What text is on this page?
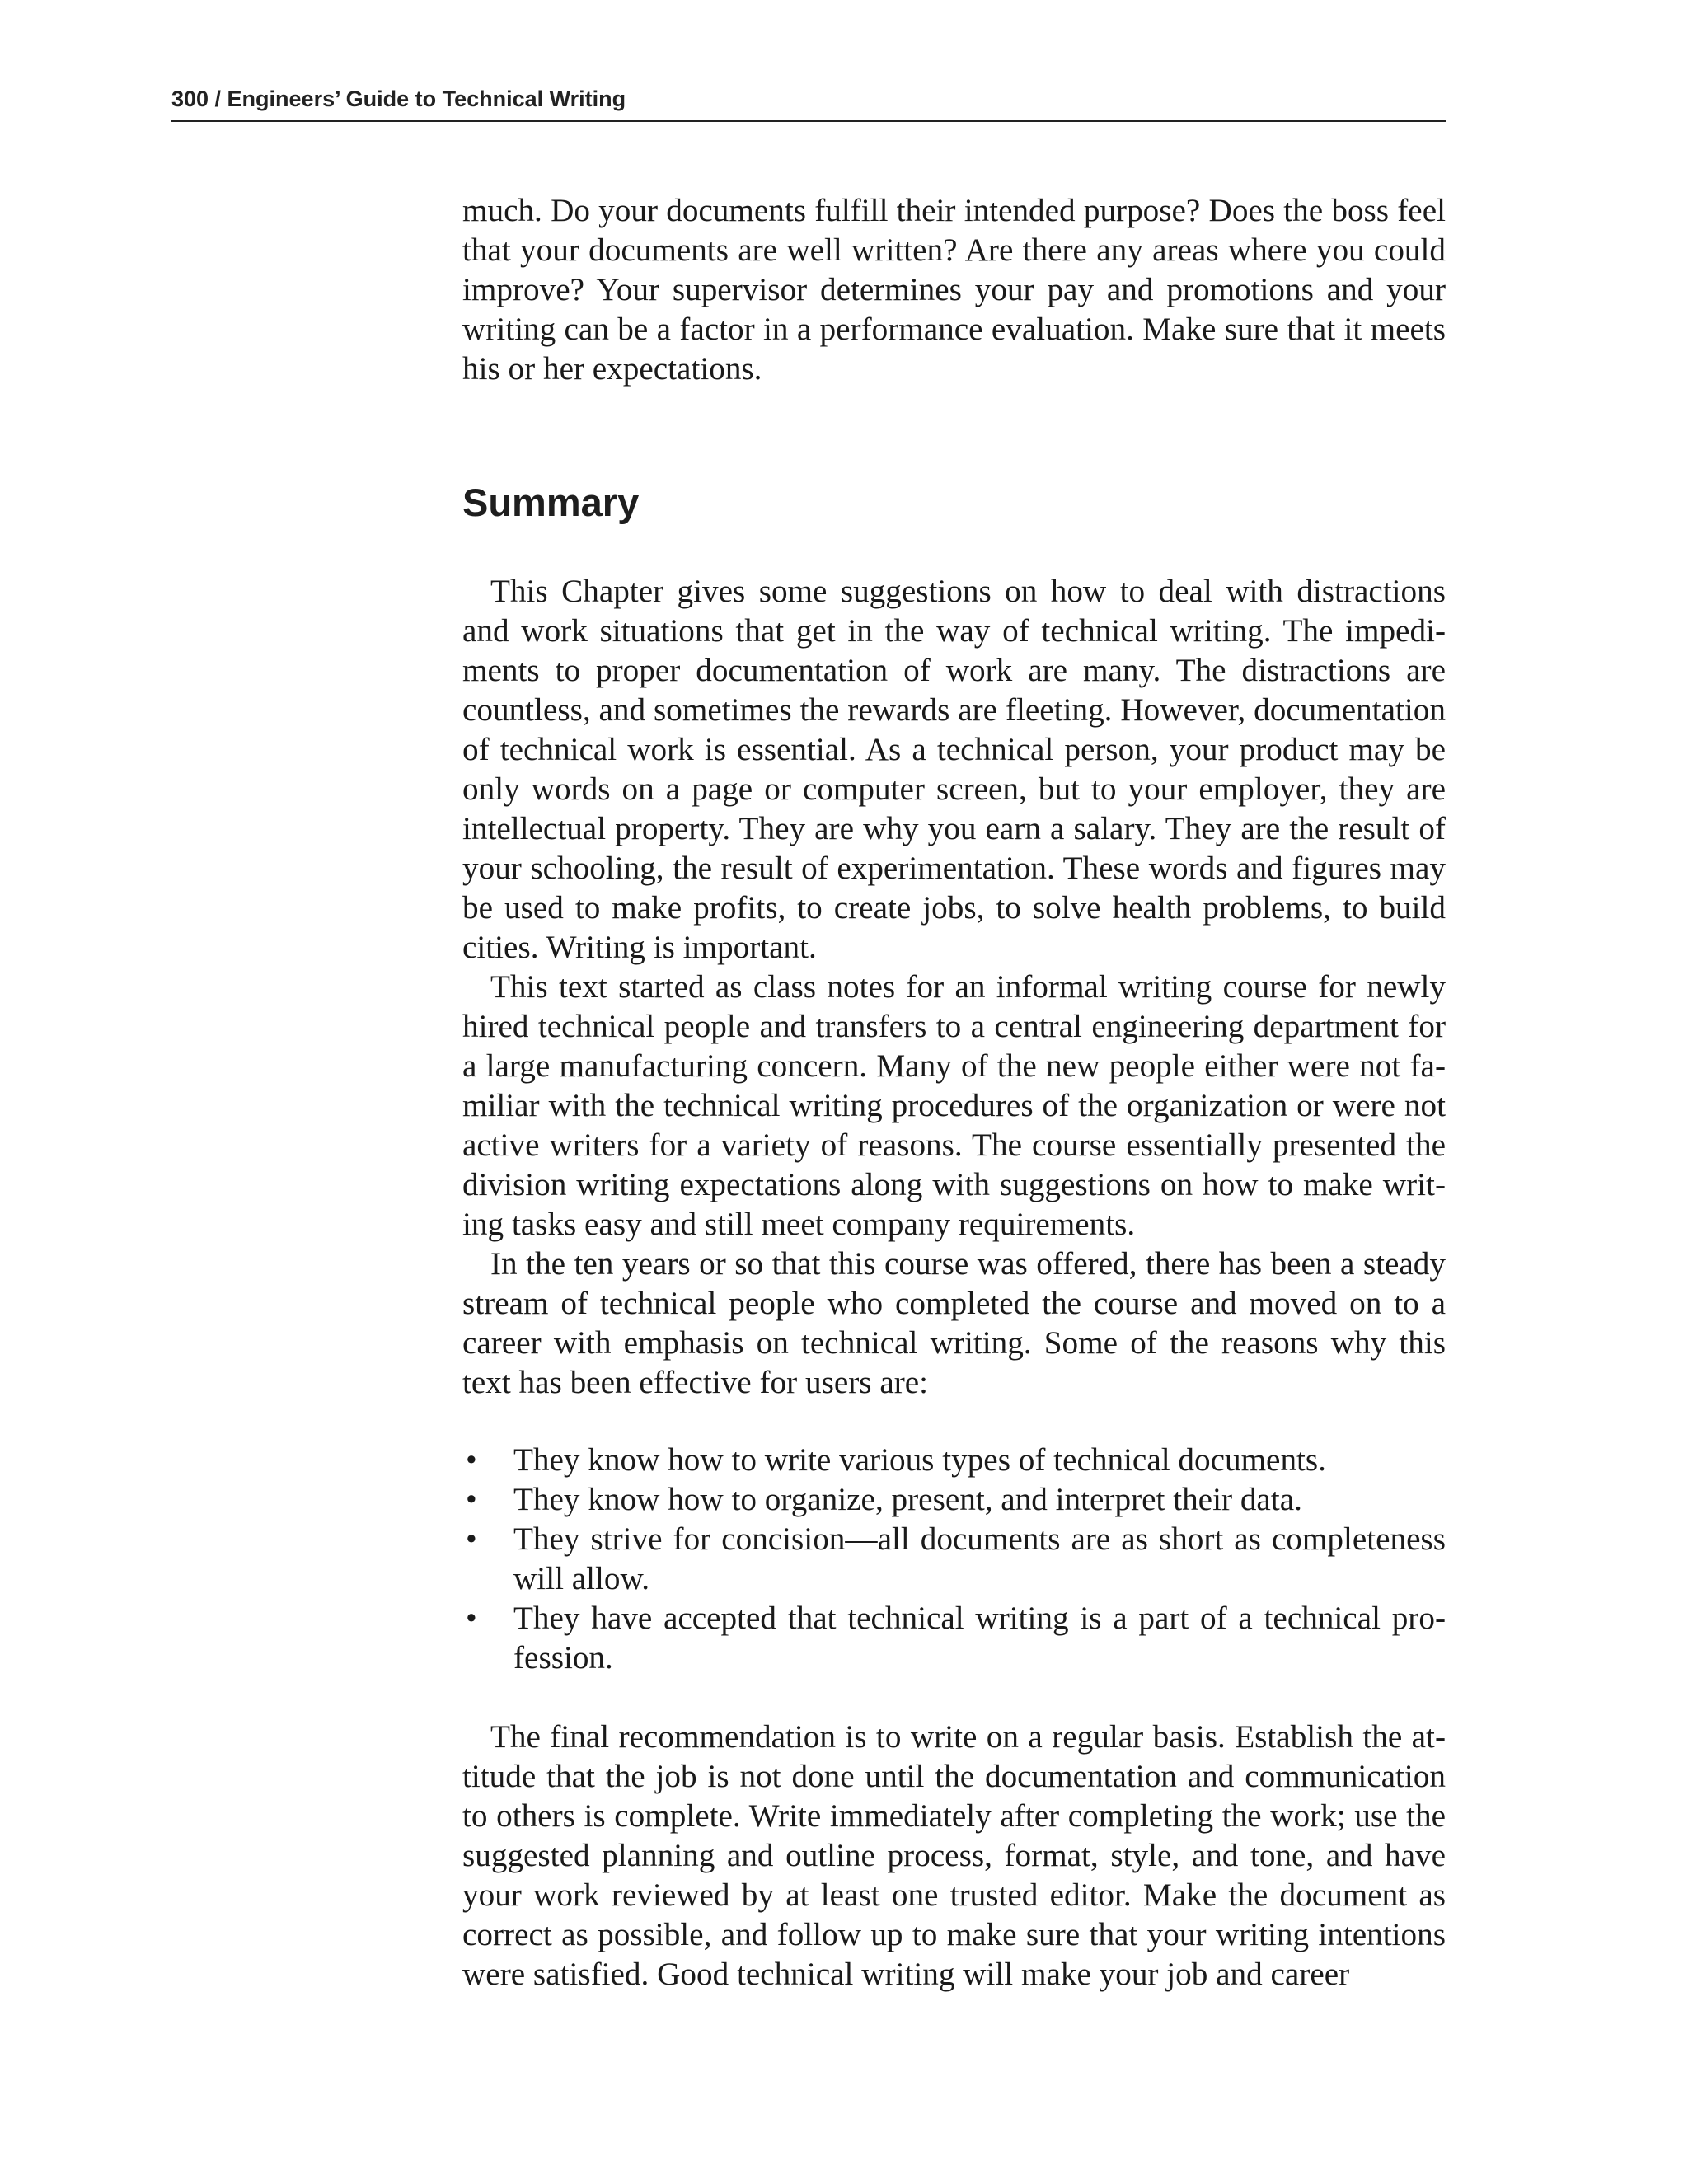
300 / Engineers’ Guide to Technical Writing

much. Do your documents fulfill their intended purpose? Does the boss feel that your documents are well written? Are there any areas where you could improve? Your supervisor determines your pay and promotions and your writing can be a factor in a performance evaluation. Make sure that it meets his or her expectations.

Summary

This Chapter gives some suggestions on how to deal with distractions and work situations that get in the way of technical writing. The impediments to proper documentation of work are many. The distractions are countless, and sometimes the rewards are fleeting. However, documentation of technical work is essential. As a technical person, your product may be only words on a page or computer screen, but to your employer, they are intellectual property. They are why you earn a salary. They are the result of your schooling, the result of experimentation. These words and figures may be used to make profits, to create jobs, to solve health problems, to build cities. Writing is important.

This text started as class notes for an informal writing course for newly hired technical people and transfers to a central engineering department for a large manufacturing concern. Many of the new people either were not familiar with the technical writing procedures of the organization or were not active writers for a variety of reasons. The course essentially presented the division writing expectations along with suggestions on how to make writing tasks easy and still meet company requirements.

In the ten years or so that this course was offered, there has been a steady stream of technical people who completed the course and moved on to a career with emphasis on technical writing. Some of the reasons why this text has been effective for users are:

• They know how to write various types of technical documents.
• They know how to organize, present, and interpret their data.
• They strive for concision—all documents are as short as completeness will allow.
• They have accepted that technical writing is a part of a technical profession.

The final recommendation is to write on a regular basis. Establish the attitude that the job is not done until the documentation and communication to others is complete. Write immediately after completing the work; use the suggested planning and outline process, format, style, and tone, and have your work reviewed by at least one trusted editor. Make the document as correct as possible, and follow up to make sure that your writing intentions were satisfied. Good technical writing will make your job and career
